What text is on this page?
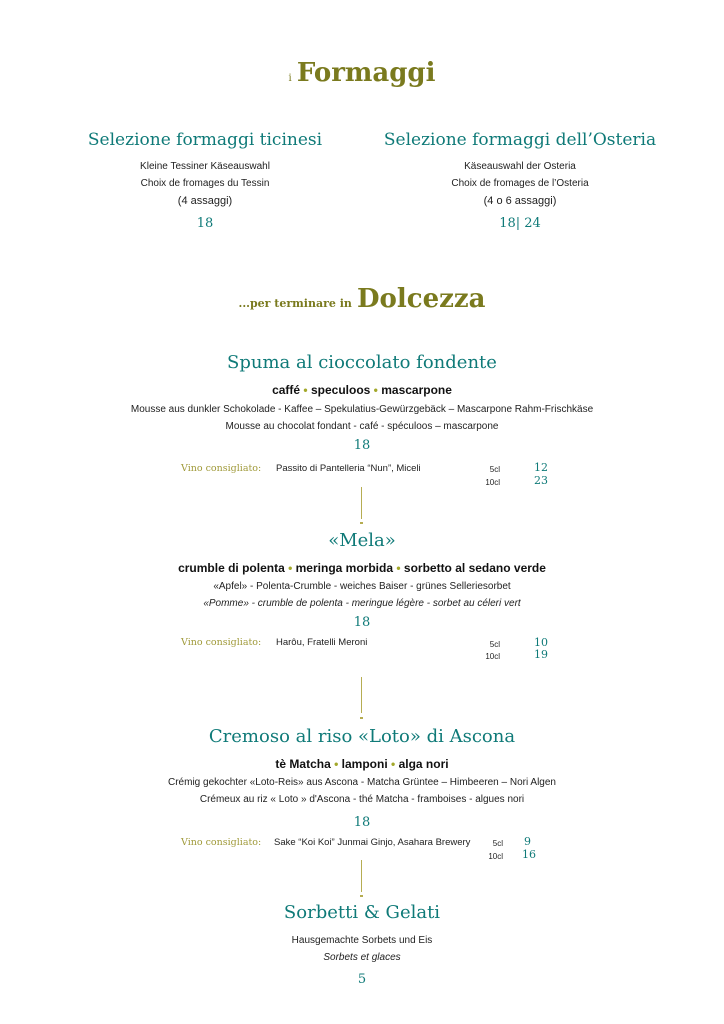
i Formaggi
Selezione formaggi ticinesi
Kleine Tessiner Käseauswahl
Choix de fromages du Tessin
(4 assaggi)
18
Selezione formaggi dell’Osteria
Käseauswahl der Osteria
Choix de fromages de l’Osteria
(4 o 6 assaggi)
18| 24
...per terminare in Dolcezza
Spuma al cioccolato fondente
caffé • speculoos • mascarpone
Mousse aus dunkler Schokolade - Kaffee – Spekulatius-Gewürzgebäck – Mascarpone Rahm-Frischkäse
Mousse au chocolat fondant - café - spéculoos – mascarpone
18
Vino consigliato: Passito di Pantelleria “Nun”, Miceli	5cl	12
10cl	23
«Mela»
crumble di polenta • meringa morbida • sorbetto al sedano verde
«Apfel» - Polenta-Crumble - weiches Baiser - grünes Selleriesorbet
«Pomme» - crumble de polenta - meringue légère - sorbet au céleri vert
18
Vino consigliato: Harôu, Fratelli Meroni	5cl	10
10cl	19
Cremoso al riso «Loto» di Ascona
tè Matcha • lamponi • alga nori
Crémig gekochter «Loto-Reis» aus Ascona - Matcha Grüntee – Himbeeren – Nori Algen
Crémeux au riz « Loto » d'Ascona - thé Matcha - framboises - algues nori
18
Vino consigliato: Sake “Koi Koi” Junmai Ginjo, Asahara Brewery	5cl 9
10cl 16
Sorbetti & Gelati
Hausgemachte Sorbets und Eis
Sorbets et glaces
5
